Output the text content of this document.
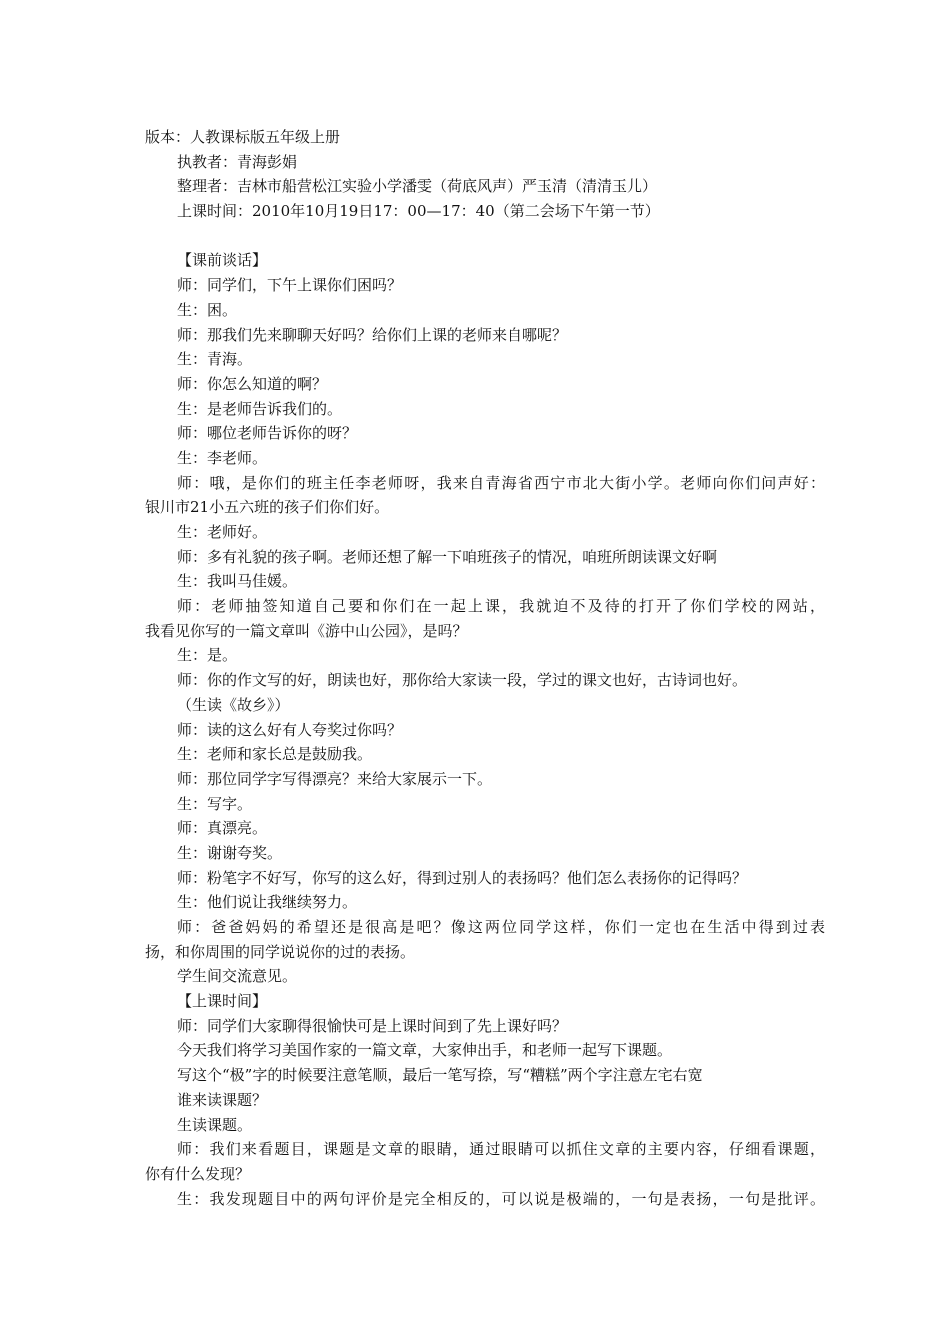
版本：人教课标版五年级上册
执教者：青海彭娟
整理者：吉林市船营松江实验小学潘雯（荷底风声）严玉清（清清玉儿）
上课时间：2010年10月19日17：00—17：40（第二会场下午第一节）
【课前谈话】
师：同学们，下午上课你们困吗？
生：困。
师：那我们先来聊聊天好吗？给你们上课的老师来自哪呢？
生：青海。
师：你怎么知道的啊？
生：是老师告诉我们的。
师：哪位老师告诉你的呀？
生：李老师。
师：哦，是你们的班主任李老师呀，我来自青海省西宁市北大街小学。老师向你们问声好：
银川市21小五六班的孩子们你们好。
生：老师好。
师：多有礼貌的孩子啊。老师还想了解一下咱班孩子的情况，咱班所朗读课文好啊
生：我叫马佳媛。
师：老师抽签知道自己要和你们在一起上课，我就迫不及待的打开了你们学校的网站，
我看见你写的一篇文章叫《游中山公园》，是吗？
生：是。
师：你的作文写的好，朗读也好，那你给大家读一段，学过的课文也好，古诗词也好。
（生读《故乡》）
师：读的这么好有人夸奖过你吗？
生：老师和家长总是鼓励我。
师：那位同学字写得漂亮？来给大家展示一下。
生：写字。
师：真漂亮。
生：谢谢夸奖。
师：粉笔字不好写，你写的这么好，得到过别人的表扬吗？他们怎么表扬你的记得吗？
生：他们说让我继续努力。
师：爸爸妈妈的希望还是很高是吧？像这两位同学这样，你们一定也在生活中得到过表
扬，和你周围的同学说说你的过的表扬。
学生间交流意见。
【上课时间】
师：同学们大家聊得很愉快可是上课时间到了先上课好吗？
今天我们将学习美国作家的一篇文章，大家伸出手，和老师一起写下课题。
写这个“极”字的时候要注意笔顺，最后一笔写捺，写“糟糕”两个字注意左宅右宽
谁来读课题？
生读课题。
师：我们来看题目，课题是文章的眼睛，通过眼睛可以抓住文章的主要内容，仔细看课题，
你有什么发现？
生：我发现题目中的两句评价是完全相反的，可以说是极端的，一句是表扬，一句是批评。
